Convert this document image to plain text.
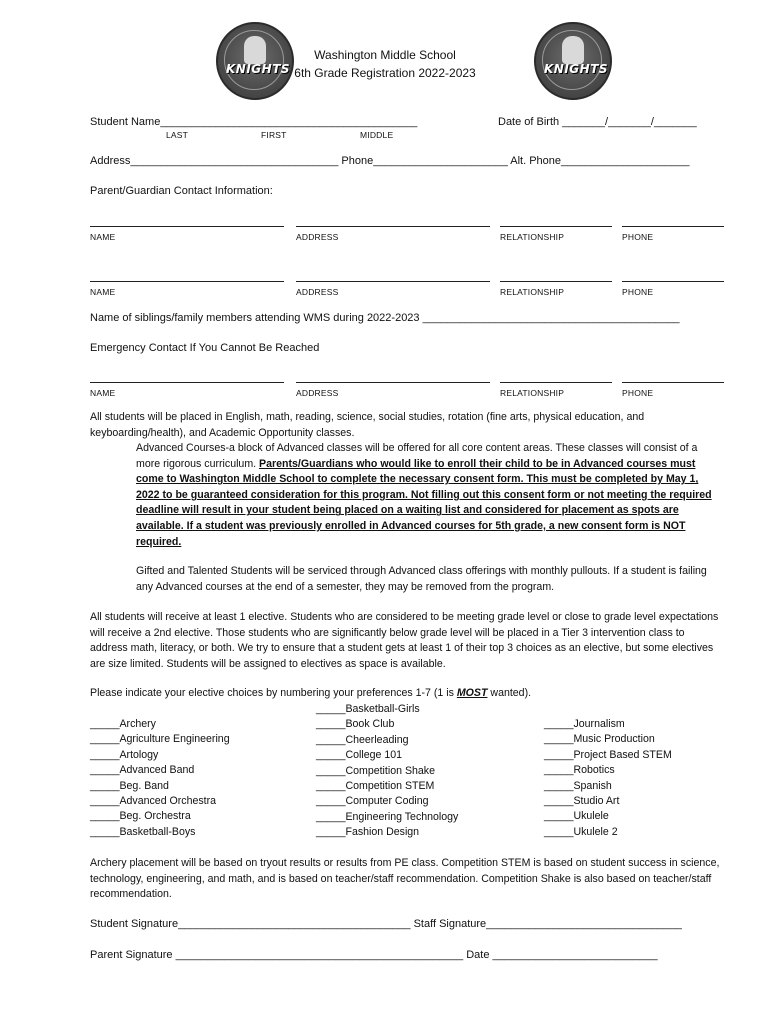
KNIGHTS	KNIGHTS
Washington Middle School
6th Grade Registration 2022-2023
Student Name__________________________________________	Date of Birth _______/_______/_______
LAST	FIRST	MIDDLE
Address__________________________________ Phone______________________ Alt. Phone_____________________
Parent/Guardian Contact Information:
NAME	ADDRESS	RELATIONSHIP	PHONE
NAME	ADDRESS	RELATIONSHIP	PHONE
Name of siblings/family members attending WMS during 2022-2023 __________________________________________
Emergency Contact If You Cannot Be Reached
NAME	ADDRESS	RELATIONSHIP	PHONE
All students will be placed in English, math, reading, science, social studies, rotation (fine arts, physical education, and keyboarding/health), and Academic Opportunity classes.
Advanced Courses-a block of Advanced classes will be offered for all core content areas. These classes will consist of a more rigorous curriculum. Parents/Guardians who would like to enroll their child to be in Advanced courses must come to Washington Middle School to complete the necessary consent form. This must be completed by May 1, 2022 to be guaranteed consideration for this program. Not filling out this consent form or not meeting the required deadline will result in your student being placed on a waiting list and considered for placement as spots are available. If a student was previously enrolled in Advanced courses for 5th grade, a new consent form is NOT required.
Gifted and Talented Students will be serviced through Advanced class offerings with monthly pullouts. If a student is failing any Advanced courses at the end of a semester, they may be removed from the program.
All students will receive at least 1 elective. Students who are considered to be meeting grade level or close to grade level expectations will receive a 2nd elective. Those students who are significantly below grade level will be placed in a Tier 3 intervention class to address math, literacy, or both. We try to ensure that a student gets at least 1 of their top 3 choices as an elective, but some electives are size limited. Students will be assigned to electives as space is available.
Please indicate your elective choices by numbering your preferences 1-7 (1 is MOST wanted).
_____Archery
_____Agriculture Engineering
_____Artology
_____Advanced Band
_____Beg. Band
_____Advanced Orchestra
_____Beg. Orchestra
_____Basketball-Boys
_____Basketball-Girls
_____Book Club
_____Cheerleading
_____College 101
_____Competition Shake
_____Competition STEM
_____Computer Coding
_____Engineering Technology
_____Fashion Design
_____Journalism
_____Music Production
_____Project Based STEM
_____Robotics
_____Spanish
_____Studio Art
_____Ukulele
_____Ukulele 2
Archery placement will be based on tryout results or results from PE class. Competition STEM is based on student success in science, technology, engineering, and math, and is based on teacher/staff recommendation. Competition Shake is also based on teacher/staff recommendation.
Student Signature______________________________________ Staff Signature________________________________
Parent Signature _______________________________________________ Date ___________________________
